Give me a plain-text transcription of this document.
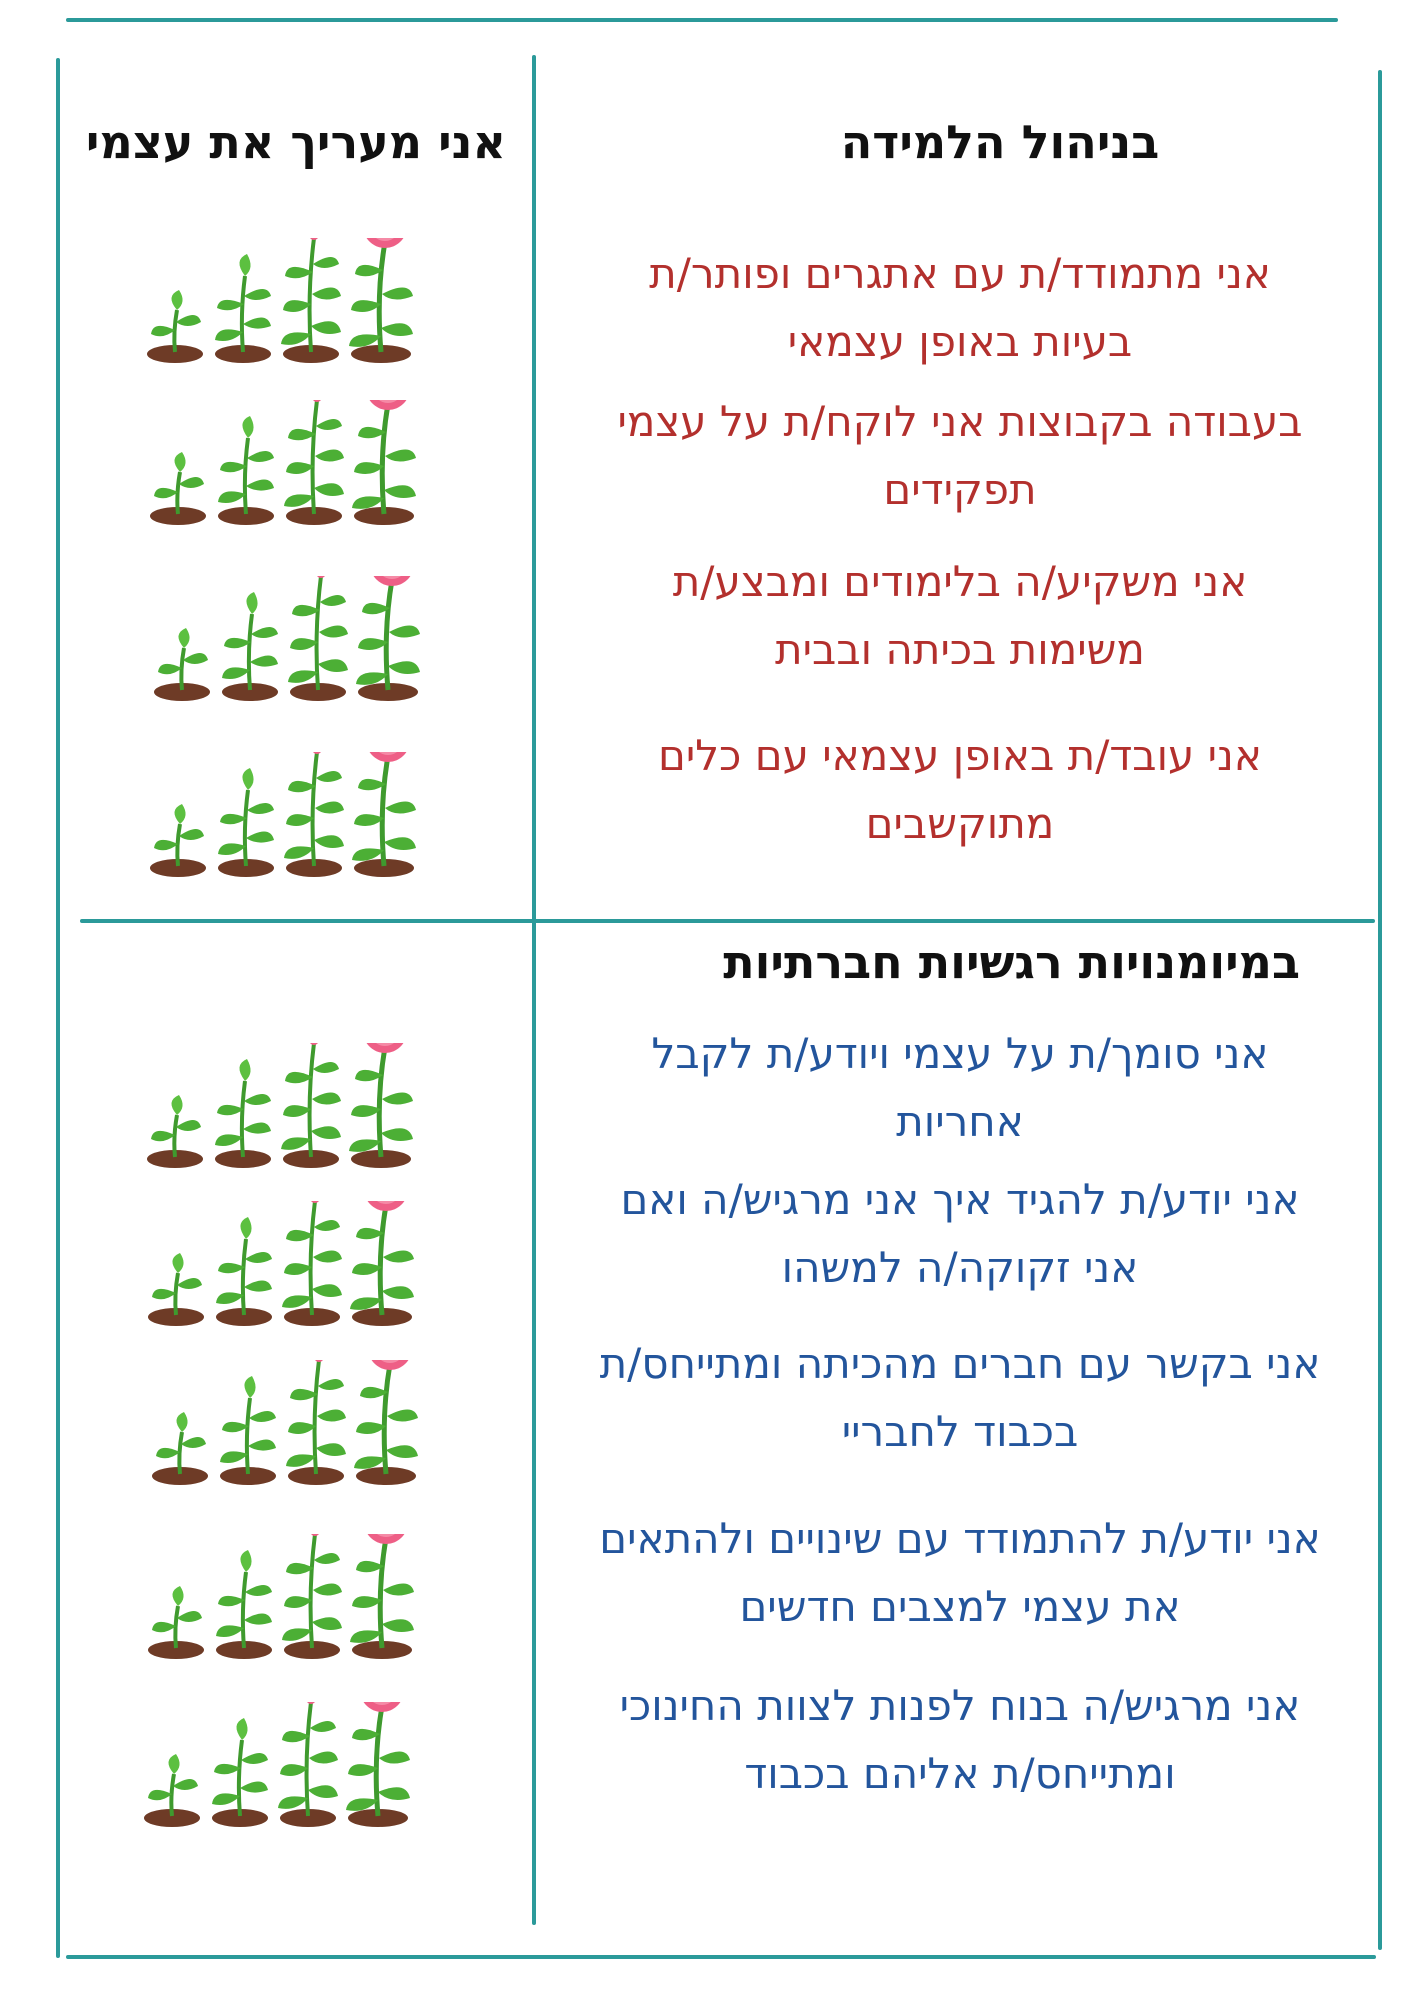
אני מעריך את עצמי	בניהול הלמידה
במיומנויות רגשיות חברתיות
אני מתמודד/ת עם אתגרים ופותר/ת
בעיות באופן עצמאי
בעבודה בקבוצות אני לוקח/ת על עצמי
תפקידים
אני משקיע/ה בלימודים ומבצע/ת
משימות בכיתה ובבית
אני עובד/ת באופן עצמאי עם כלים
מתוקשבים
אני סומך/ת על עצמי ויודע/ת לקבל
אחריות
אני יודע/ת להגיד איך אני מרגיש/ה ואם
אני זקוקה/ה למשהו
אני בקשר עם חברים מהכיתה ומתייחס/ת
בכבוד לחבריי
אני יודע/ת להתמודד עם שינויים ולהתאים
את עצמי למצבים חדשים
אני מרגיש/ה בנוח לפנות לצוות החינוכי
ומתייחס/ת אליהם בכבוד
